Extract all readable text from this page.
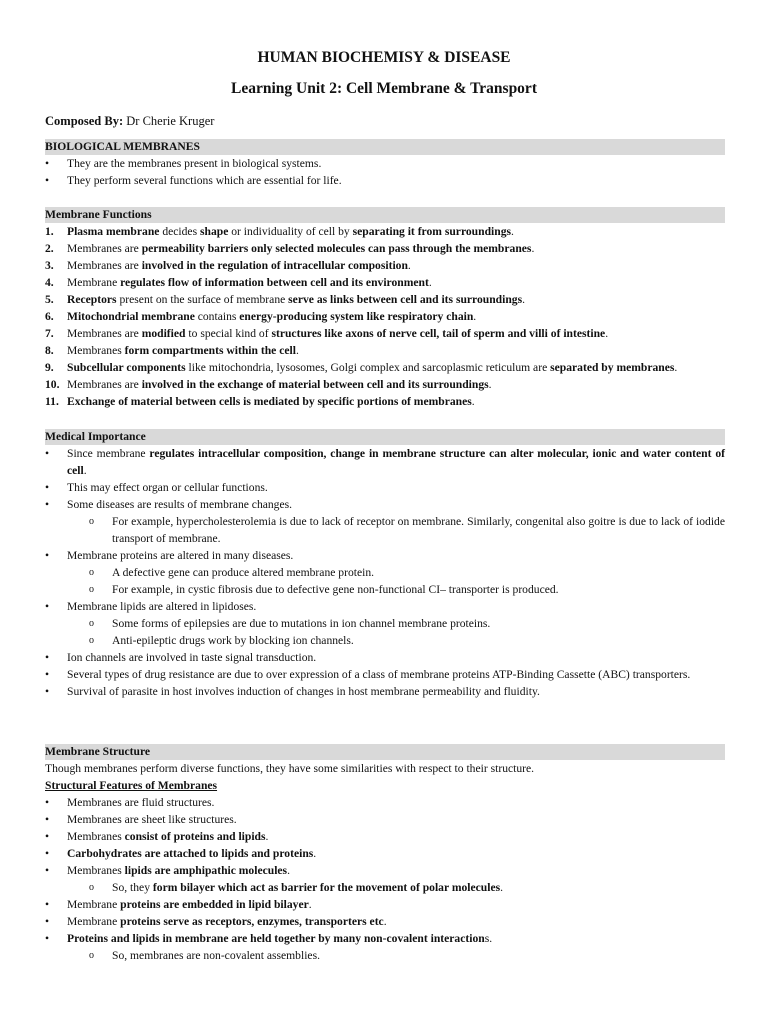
HUMAN BIOCHEMISY & DISEASE
Learning Unit 2: Cell Membrane & Transport
Composed By: Dr Cherie Kruger
BIOLOGICAL MEMBRANES
• They are the membranes present in biological systems.
• They perform several functions which are essential for life.
Membrane Functions
1. Plasma membrane decides shape or individuality of cell by separating it from surroundings.
2. Membranes are permeability barriers only selected molecules can pass through the membranes.
3. Membranes are involved in the regulation of intracellular composition.
4. Membrane regulates flow of information between cell and its environment.
5. Receptors present on the surface of membrane serve as links between cell and its surroundings.
6. Mitochondrial membrane contains energy-producing system like respiratory chain.
7. Membranes are modified to special kind of structures like axons of nerve cell, tail of sperm and villi of intestine.
8. Membranes form compartments within the cell.
9. Subcellular components like mitochondria, lysosomes, Golgi complex and sarcoplasmic reticulum are separated by membranes.
10. Membranes are involved in the exchange of material between cell and its surroundings.
11. Exchange of material between cells is mediated by specific portions of membranes.
Medical Importance
• Since membrane regulates intracellular composition, change in membrane structure can alter molecular, ionic and water content of cell.
• This may effect organ or cellular functions.
• Some diseases are results of membrane changes.
o For example, hypercholesterolemia is due to lack of receptor on membrane. Similarly, congenital also goitre is due to lack of iodide transport of membrane.
• Membrane proteins are altered in many diseases.
o A defective gene can produce altered membrane protein.
o For example, in cystic fibrosis due to defective gene non-functional CI– transporter is produced.
• Membrane lipids are altered in lipidoses.
o Some forms of epilepsies are due to mutations in ion channel membrane proteins.
o Anti-epileptic drugs work by blocking ion channels.
• Ion channels are involved in taste signal transduction.
• Several types of drug resistance are due to over expression of a class of membrane proteins ATP-Binding Cassette (ABC) transporters.
• Survival of parasite in host involves induction of changes in host membrane permeability and fluidity.
Membrane Structure
Though membranes perform diverse functions, they have some similarities with respect to their structure.
Structural Features of Membranes
• Membranes are fluid structures.
• Membranes are sheet like structures.
• Membranes consist of proteins and lipids.
• Carbohydrates are attached to lipids and proteins.
• Membranes lipids are amphipathic molecules.
o So, they form bilayer which act as barrier for the movement of polar molecules.
• Membrane proteins are embedded in lipid bilayer.
• Membrane proteins serve as receptors, enzymes, transporters etc.
• Proteins and lipids in membrane are held together by many non-covalent interactions.
o So, membranes are non-covalent assemblies.
